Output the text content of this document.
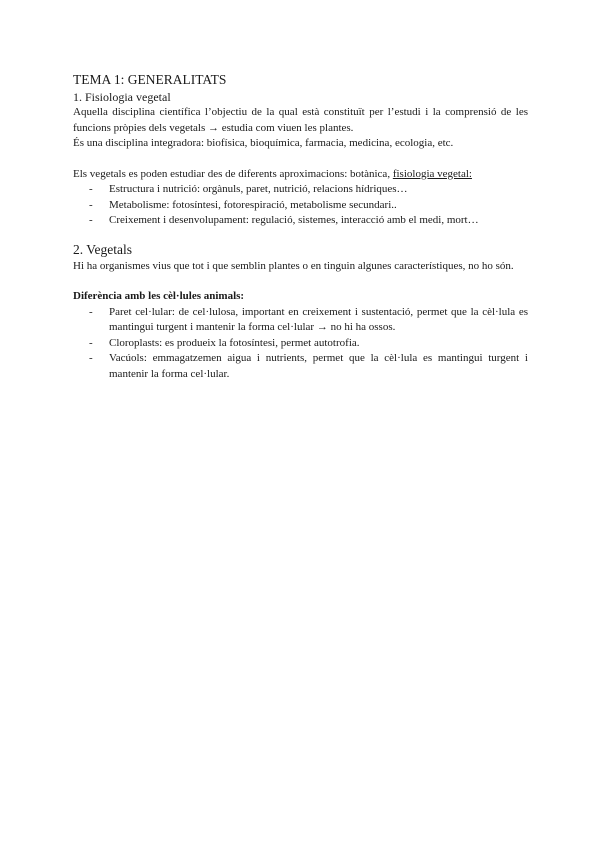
TEMA 1: GENERALITATS
1. Fisiologia vegetal

Aquella disciplina científica l’objectiu de la qual està constituït per l’estudi i la comprensió de les funcions pròpies dels vegetals → estudia com viuen les plantes.

És una disciplina integradora: biofísica, bioquímica, farmacia, medicina, ecologia, etc.

Els vegetals es poden estudiar des de diferents aproximacions: botànica, fisiologia vegetal:

- Estructura i nutrició: orgànuls, paret, nutrició, relacions hídriques…
- Metabolisme: fotosíntesi, fotorespiració, metabolisme secundari..
- Creixement i desenvolupament: regulació, sistemes, interacció amb el medi, mort…
2. Vegetals

Hi ha organismes vius que tot i que semblin plantes o en tinguin algunes característiques, no ho són.

Diferència amb les cèl·lules animals:

- Paret cel·lular: de cel·lulosa, important en creixement i sustentació, permet que la cèl·lula es mantingui turgent i mantenir la forma cel·lular → no hi ha ossos.
- Cloroplasts: es produeix la fotosíntesi, permet autotrofia.
- Vacúols: emmagatzemen aigua i nutrients, permet que la cèl·lula es mantingui turgent i mantenir la forma cel·lular.
